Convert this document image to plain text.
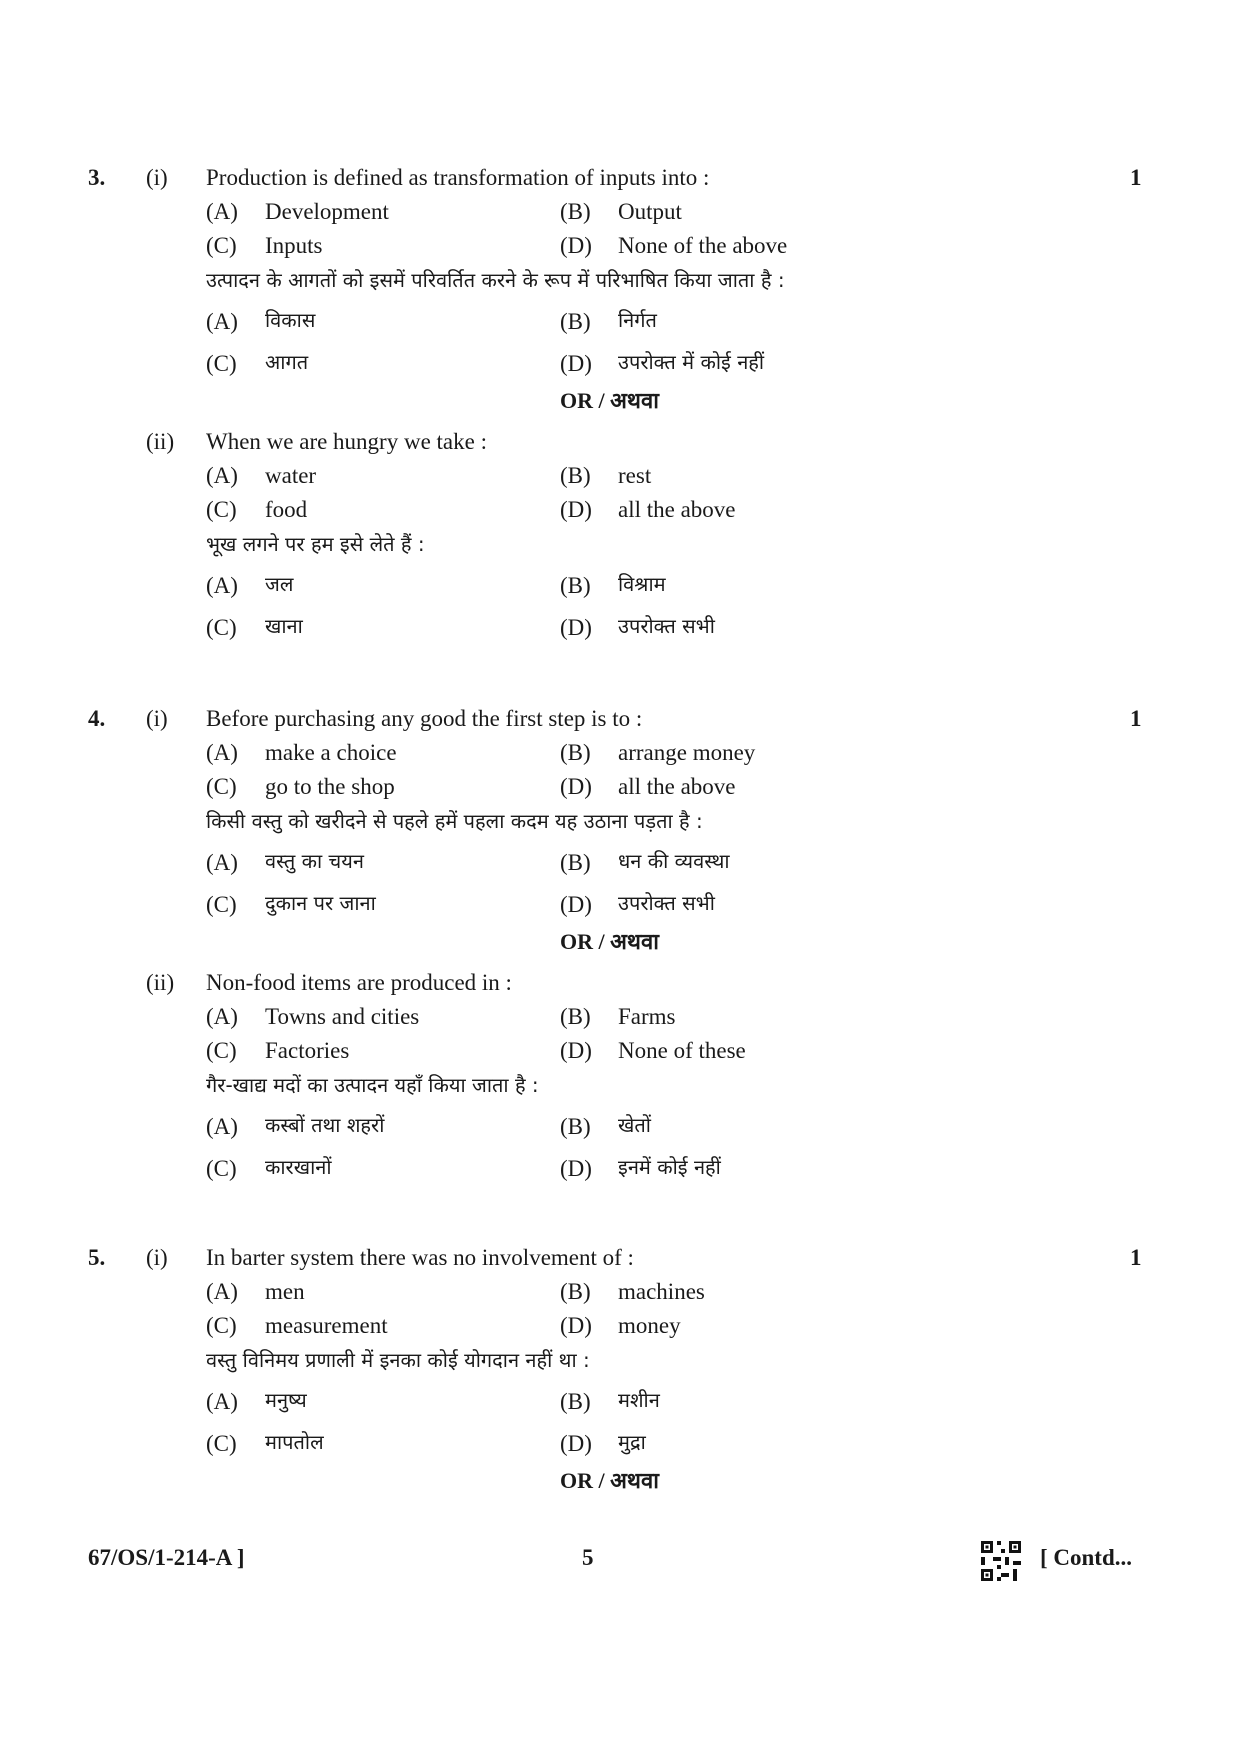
3.	1
(i) Production is defined as transformation of inputs into :
(A) Development	(B) Output
(C) Inputs	(D) None of the above
उत्पादन के आगतों को इसमें परिवर्तित करने के रूप में परिभाषित किया जाता है :
(A) विकास	(B) निर्गत
(C) आगत	(D) उपरोक्त में कोई नहीं
OR / अथवा
(ii) When we are hungry we take :
(A) water	(B) rest
(C) food	(D) all the above
भूख लगने पर हम इसे लेते हैं :
(A) जल	(B) विश्राम
(C) खाना	(D) उपरोक्त सभी
4.	1
(i) Before purchasing any good the first step is to :
(A) make a choice	(B) arrange money
(C) go to the shop	(D) all the above
किसी वस्तु को खरीदने से पहले हमें पहला कदम यह उठाना पड़ता है :
(A) वस्तु का चयन	(B) धन की व्यवस्था
(C) दुकान पर जाना	(D) उपरोक्त सभी
OR / अथवा
(ii) Non-food items are produced in :
(A) Towns and cities	(B) Farms
(C) Factories	(D) None of these
गैर-खाद्य मदों का उत्पादन यहाँ किया जाता है :
(A) कस्बों तथा शहरों	(B) खेतों
(C) कारखानों	(D) इनमें कोई नहीं
5.	1
(i) In barter system there was no involvement of :
(A) men	(B) machines
(C) measurement	(D) money
वस्तु विनिमय प्रणाली में इनका कोई योगदान नहीं था :
(A) मनुष्य	(B) मशीन
(C) मापतोल	(D) मुद्रा
OR / अथवा
67/OS/1-214-A ]	5	[ Contd...
